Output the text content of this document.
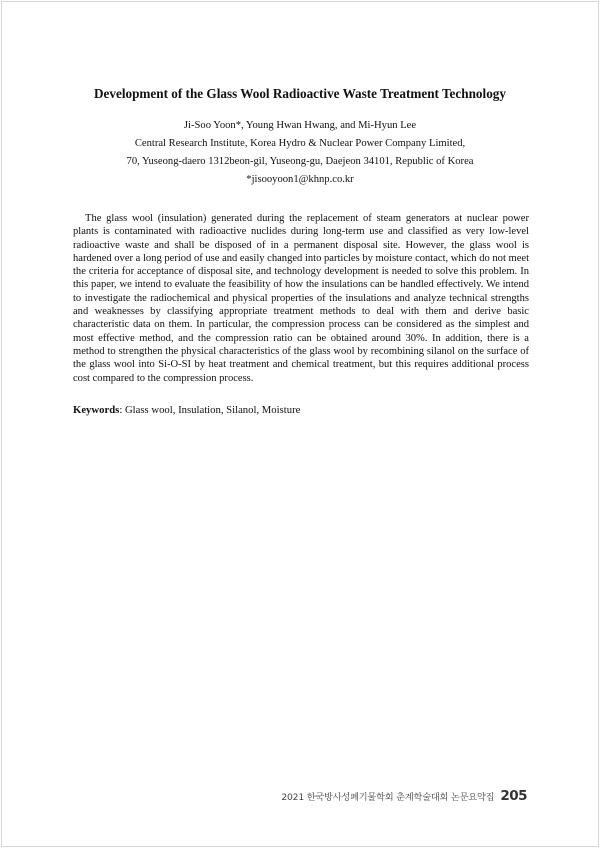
Development of the Glass Wool Radioactive Waste Treatment Technology
Ji-Soo Yoon*, Young Hwan Hwang, and Mi-Hyun Lee
Central Research Institute, Korea Hydro & Nuclear Power Company Limited,
70, Yuseong-daero 1312beon-gil, Yuseong-gu, Daejeon 34101, Republic of Korea
*jisooyoon1@khnp.co.kr

The glass wool (insulation) generated during the replacement of steam generators at nuclear power plants is contaminated with radioactive nuclides during long-term use and classified as very low-level radioactive waste and shall be disposed of in a permanent disposal site. However, the glass wool is hardened over a long period of use and easily changed into particles by moisture contact, which do not meet the criteria for acceptance of disposal site, and technology development is needed to solve this problem. In this paper, we intend to evaluate the feasibility of how the insulations can be handled effectively. We intend to investigate the radiochemical and physical properties of the insulations and analyze technical strengths and weaknesses by classifying appropriate treatment methods to deal with them and derive basic characteristic data on them. In particular, the compression process can be considered as the simplest and most effective method, and the compression ratio can be obtained around 30%. In addition, there is a method to strengthen the physical characteristics of the glass wool by recombining silanol on the surface of the glass wool into Si-O-SI by heat treatment and chemical treatment, but this requires additional process cost compared to the compression process.

Keywords: Glass wool, Insulation, Silanol, Moisture

2021 한국방사성폐기물학회 춘계학술대회 논문요약집 205
